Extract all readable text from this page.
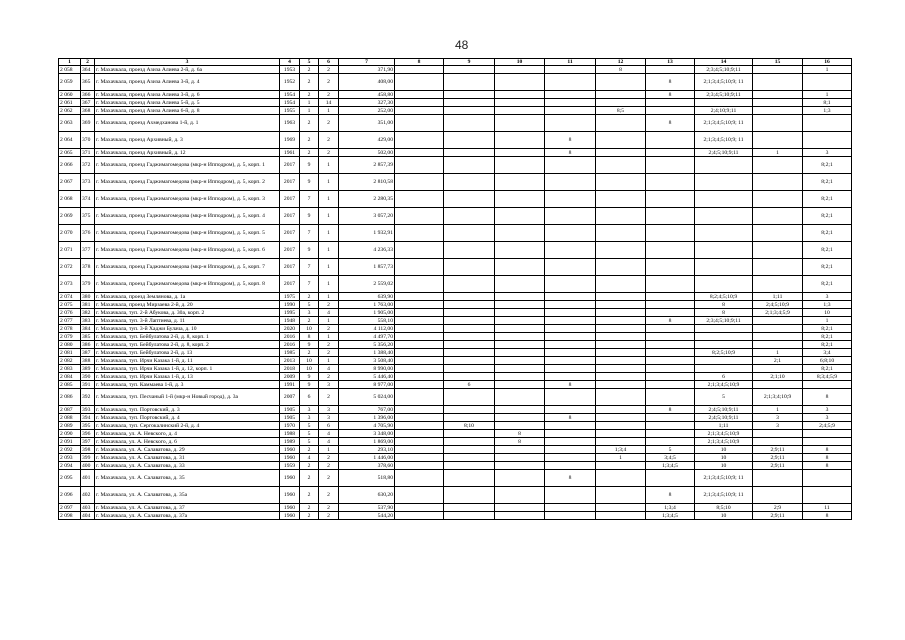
48
1	2	3	4	5	6	7	8	9	10	11	12	13	14	15	16
2 058	364	г. Махачкала, проезд Азиза Алиева 2-й, д. 6а	1953	2	2	371,90					8		2;3;4;5;10;9;11		1
2 059	365	г. Махачкала, проезд Азиза Алиева 3-й, д. 4	1952	2	2	408,00						8	2;1;3;4;5;10;9; 11		
2 060	366	г. Махачкала, проезд Азиза Алиева 3-й, д. 6	1954	2	2	458,80						8	2;3;4;5;10;9;11		1
2 061	367	г. Махачкала, проезд Азиза Алиева 5-й, д. 5	1954	1	14	327,30									8;1
2 062	368	г. Махачкала, проезд Азиза Алиева 6-й, д. 8	1955	1	1	252,00					8;5		2;4;10;9;11		1;3
2 063	369	г. Махачкала, проезд Ахмедханова 1-й, д. 1	1963	2	2	351,00						8	2;1;3;4;5;10;9; 11		
2 064	370	г. Махачкала, проезд Архивный, д. 3	1969	2	2	429,00				8			2;1;3;4;5;10;9; 11		
2 065	371	г. Махачкала, проезд Архивный, д. 12	1961	2	2	502,00				8			2;4;5;10;9;11	1	3
2 066	372	г. Махачкала, проезд Гаджимагомедова (мкр-н Ипподром), д. 5, корп. 1	2017	9	1	2 857,39									8;2;1
2 067	373	г. Махачкала, проезд Гаджимагомедова (мкр-н Ипподром), д. 5, корп. 2	2017	9	1	2 810,58									8;2;1
2 068	374	г. Махачкала, проезд Гаджимагомедова (мкр-н Ипподром), д. 5, корп. 3	2017	7	1	2 280,35									8;2;1
2 069	375	г. Махачкала, проезд Гаджимагомедова (мкр-н Ипподром), д. 5, корп. 4	2017	9	1	3 057,20									8;2;1
2 070	376	г. Махачкала, проезд Гаджимагомедова (мкр-н Ипподром), д. 5, корп. 5	2017	7	1	1 932,91									8;2;1
2 071	377	г. Махачкала, проезд Гаджимагомедова (мкр-н Ипподром), д. 5, корп. 6	2017	9	1	4 236,33									8;2;1
2 072	378	г. Махачкала, проезд Гаджимагомедова (мкр-н Ипподром), д. 5, корп. 7	2017	7	1	1 857,73									8;2;1
2 073	379	г. Махачкала, проезд Гаджимагомедова (мкр-н Ипподром), д. 5, корп. 8	2017	7	1	2 559,02									8;2;1
2 074	380	г. Махачкала, проезд Землянова, д. 1а	1975	2	1	639,90							8;2;4;5;10;9	1;11	3
2 075	381	г. Махачкала, проезд Мирзаева 2-й, д. 20	1990	5	2	1 763,00							8	2;4;5;10;9	1;3
2 076	382	г. Махачкала, туп. 2-й Абукова, д. 30а, корп. 2	1995	3	4	1 905,00							8	2;1;3;4;5;9	10
2 077	383	г. Махачкала, туп. 3-й Лаптиева, д. 11	1948	2	1	558,10						8	2;3;4;5;10;9;11		1
2 078	384	г. Махачкала, туп. 3-й Хаджи Булача, д. 10	2020	10	2	4 112,00									8;2;1
2 079	385	г. Махачкала, туп. Бейбулатова 2-й, д. 8, корп. 1	2016	8	1	4 497,70									8;2;1
2 080	386	г. Махачкала, туп. Бейбулатова 2-й, д. 8, корп. 2	2016	9	2	5 356,20									8;2;1
2 081	387	г. Махачкала, туп. Бейбулатова 2-й, д. 13	1985	2	2	1 388,40							8;2;5;10;9	1	3;4
2 082	388	г. Махачкала, туп. Ирчи Казака 1-й, д. 11	2013	10	1	3 508,40								2;1	6;8;10
2 083	389	г. Махачкала, туп. Ирчи Казака 1-й, д. 12, корп. 1	2018	10	4	8 990,00									8;2;1
2 084	390	г. Махачкала, туп. Ирчи Казака 1-й, д. 13	2009	9	2	5 446,40							6	2;1;10	8;3;4;5;9
2 085	391	г. Махачкала, туп. Каммаева 1-й, д. 3	1991	9	3	8 977,00		6		8			2;1;3;4;5;10;9		
2 086	392	г. Махачкала, туп. Песчаный 1-й (мкр-н Новый город), д. 3а	2007	6	2	5 024,00							5	2;1;3;4;10;9	8
2 087	393	г. Махачкала, туп. Портовский, д. 3	1905	3	3	767,00						8	2;4;5;10;9;11	1	3
2 088	394	г. Махачкала, туп. Портовский, д. 4	1905	3	3	1 396,00				8			2;4;5;10;9;11	3	3
2 089	395	г. Махачкала, туп. Сергокалинский 2-й, д. 4	1970	5	6	4 705,90		8;10					1;11	3	2;4;5;9
2 090	396	г. Махачкала, ул. А. Невского, д. 4	1988	5	4	3 348,00			8				2;1;3;4;5;10;9		
2 091	397	г. Махачкала, ул. А. Невского, д. 6	1989	5	4	1 869,00			8				2;1;3;4;5;10;9		
2 092	398	г. Махачкала, ул. А. Салаватова, д. 29	1960	2	1	293,10					1;3;4	5	10	2;9;11	8
2 093	399	г. Махачкала, ул. А. Салаватова, д. 31	1960	4	2	1 446,00					1	3;4;5	10	2;9;11	8
2 094	400	г. Махачкала, ул. А. Салаватова, д. 33	1959	2	2	378,60						1;3;4;5	10	2;9;11	8
2 095	401	г. Махачкала, ул. А. Салаватова, д. 35	1960	2	2	518,80				8			2;1;3;4;5;10;9; 11		
2 096	402	г. Махачкала, ул. А. Салаватова, д. 35а	1960	2	2	630,20						8	2;1;3;4;5;10;9; 11		
2 097	403	г. Махачкала, ул. А. Салаватова, д. 37	1960	2	2	537,90						1;3;4	8;5;10	2;9	11
2 098	404	г. Махачкала, ул. А. Салаватова, д. 37а	1960	2	2	544,20						1;3;4;5	10	2;9;11	8
